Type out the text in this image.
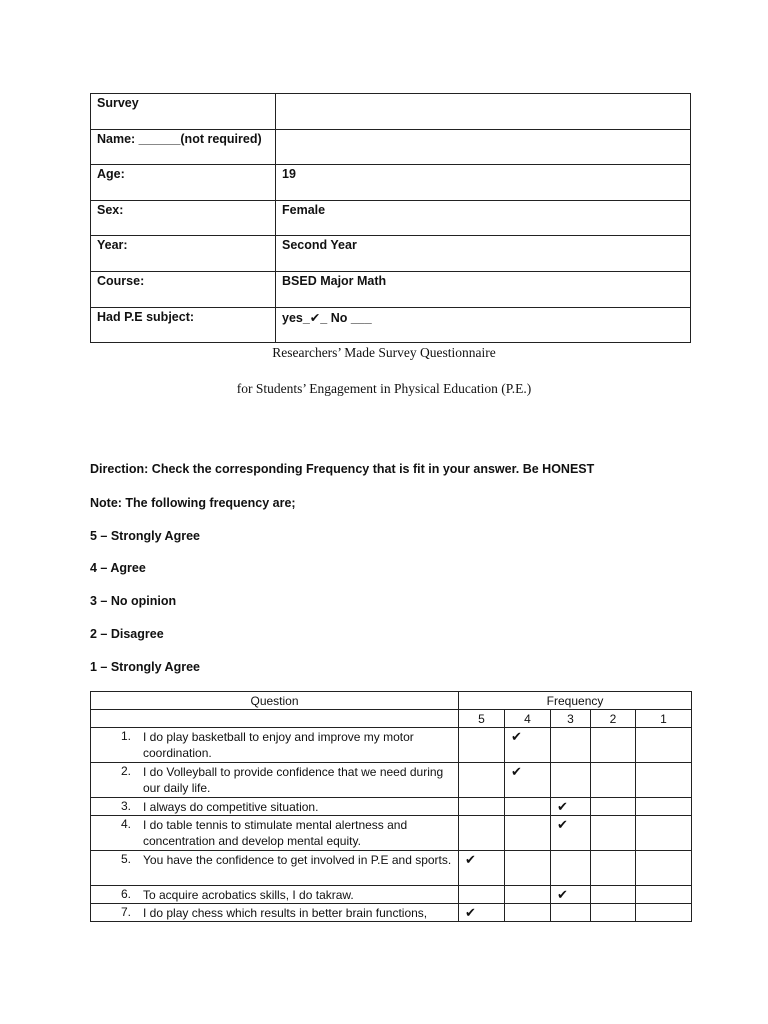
Survey	

Name: ______(not required)	

Age:	19

Sex:	Female

Year:	Second Year

Course:	BSED Major Math

Had P.E subject:	yes_✔_ No ___
Researchers’ Made Survey Questionnaire
for Students’ Engagement in Physical Education (P.E.)
Direction: Check the corresponding Frequency that is fit in your answer. Be HONEST
Note: The following frequency are;
5 – Strongly Agree
4 – Agree
3 – No opinion
2 – Disagree
1 – Strongly Agree
Question	Frequency				
	5	4	3	2	1

1. I do play basketball to enjoy and improve my motor coordination.		✔			

2. I do Volleyball to provide confidence that we need during our daily life.		✔			

3. I always do competitive situation.			✔		

4. I do table tennis to stimulate mental alertness and concentration and develop mental equity.			✔		

5. You have the confidence to get involved in P.E and sports.	✔				

6. To acquire acrobatics skills, I do takraw.			✔		

7. I do play chess which results in better brain functions,	✔				
